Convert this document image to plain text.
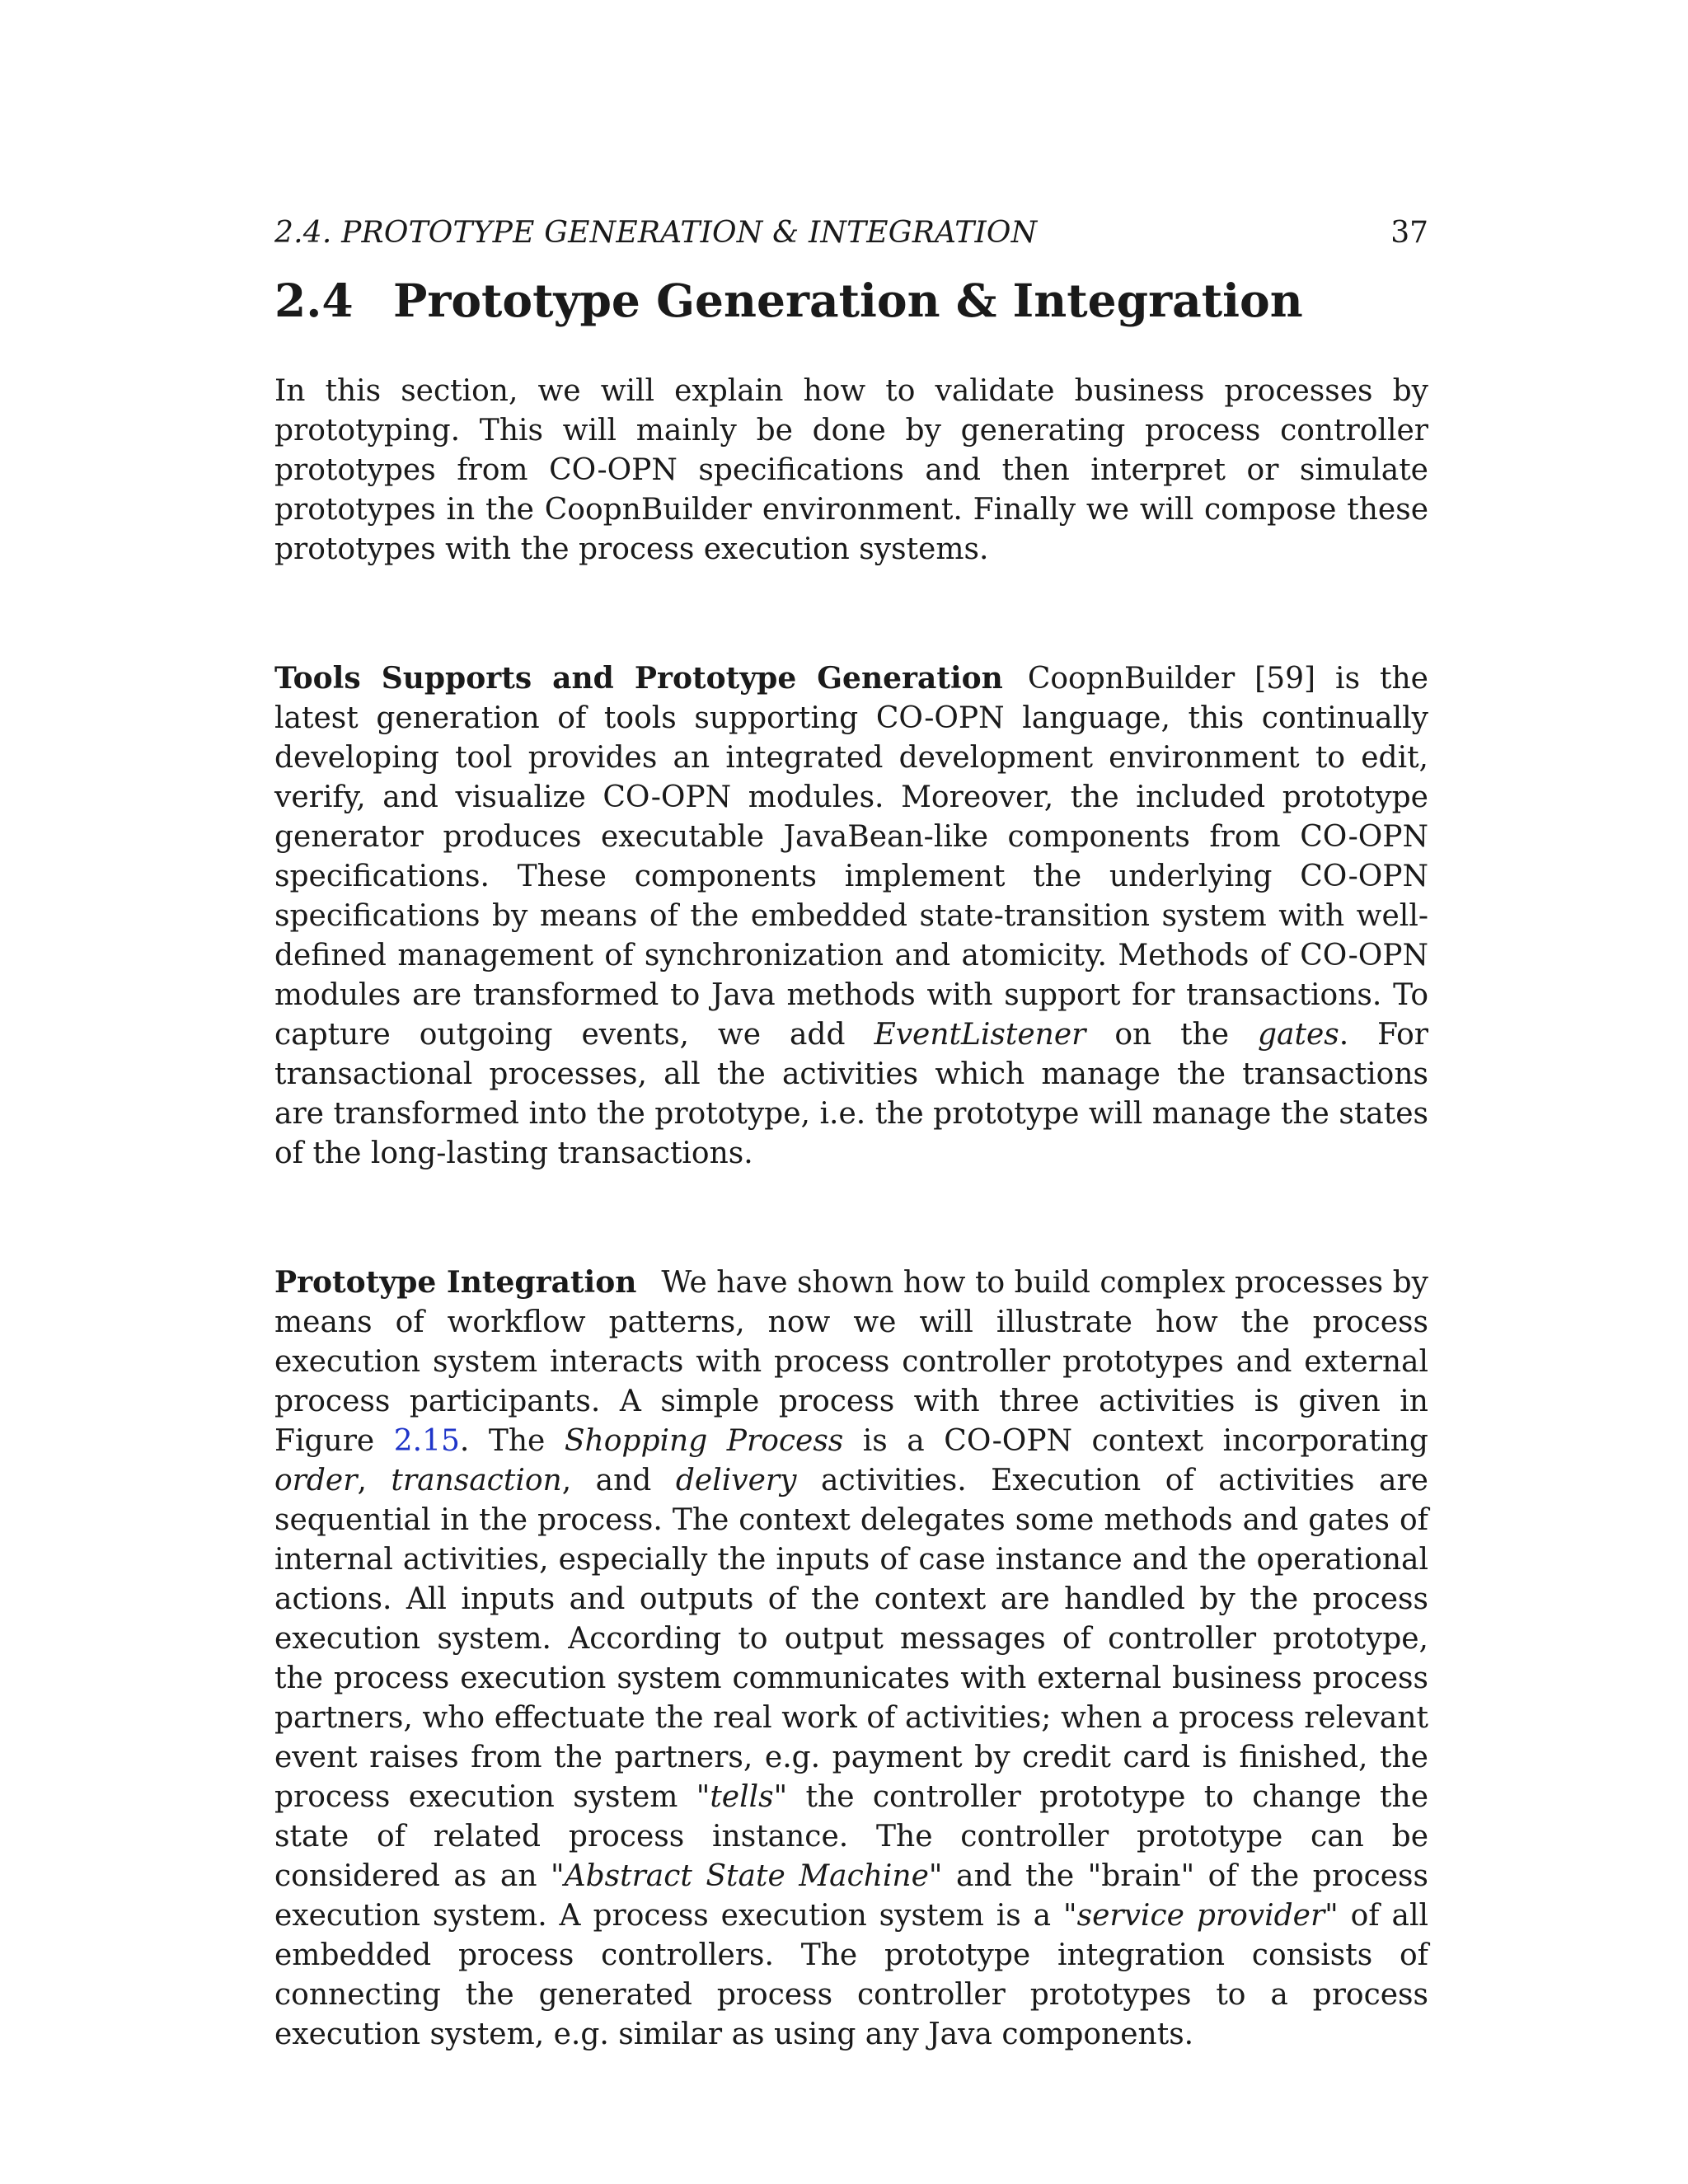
2.4. PROTOTYPE GENERATION & INTEGRATION	37
2.4 Prototype Generation & Integration

In this section, we will explain how to validate business processes by prototyping. This will mainly be done by generating process controller prototypes from CO-OPN specifications and then interpret or simulate prototypes in the CoopnBuilder environment. Finally we will compose these prototypes with the process execution systems.

Tools Supports and Prototype Generation CoopnBuilder [59] is the latest generation of tools supporting CO-OPN language, this continually developing tool provides an integrated development environment to edit, verify, and visualize CO-OPN modules. Moreover, the included prototype generator produces executable JavaBean-like components from CO-OPN specifications. These components implement the underlying CO-OPN specifications by means of the embedded state-transition system with well-defined management of synchronization and atomicity. Methods of CO-OPN modules are transformed to Java methods with support for transactions. To capture outgoing events, we add EventListener on the gates. For transactional processes, all the activities which manage the transactions are transformed into the prototype, i.e. the prototype will manage the states of the long-lasting transactions.

Prototype Integration We have shown how to build complex processes by means of workflow patterns, now we will illustrate how the process execution system interacts with process controller prototypes and external process participants. A simple process with three activities is given in Figure 2.15. The Shopping Process is a CO-OPN context incorporating order, transaction, and delivery activities. Execution of activities are sequential in the process. The context delegates some methods and gates of internal activities, especially the inputs of case instance and the operational actions. All inputs and outputs of the context are handled by the process execution system. According to output messages of controller prototype, the process execution system communicates with external business process partners, who effectuate the real work of activities; when a process relevant event raises from the partners, e.g. payment by credit card is finished, the process execution system "tells" the controller prototype to change the state of related process instance. The controller prototype can be considered as an "Abstract State Machine" and the "brain" of the process execution system. A process execution system is a "service provider" of all embedded process controllers. The prototype integration consists of connecting the generated process controller prototypes to a process execution system, e.g. similar as using any Java components.
